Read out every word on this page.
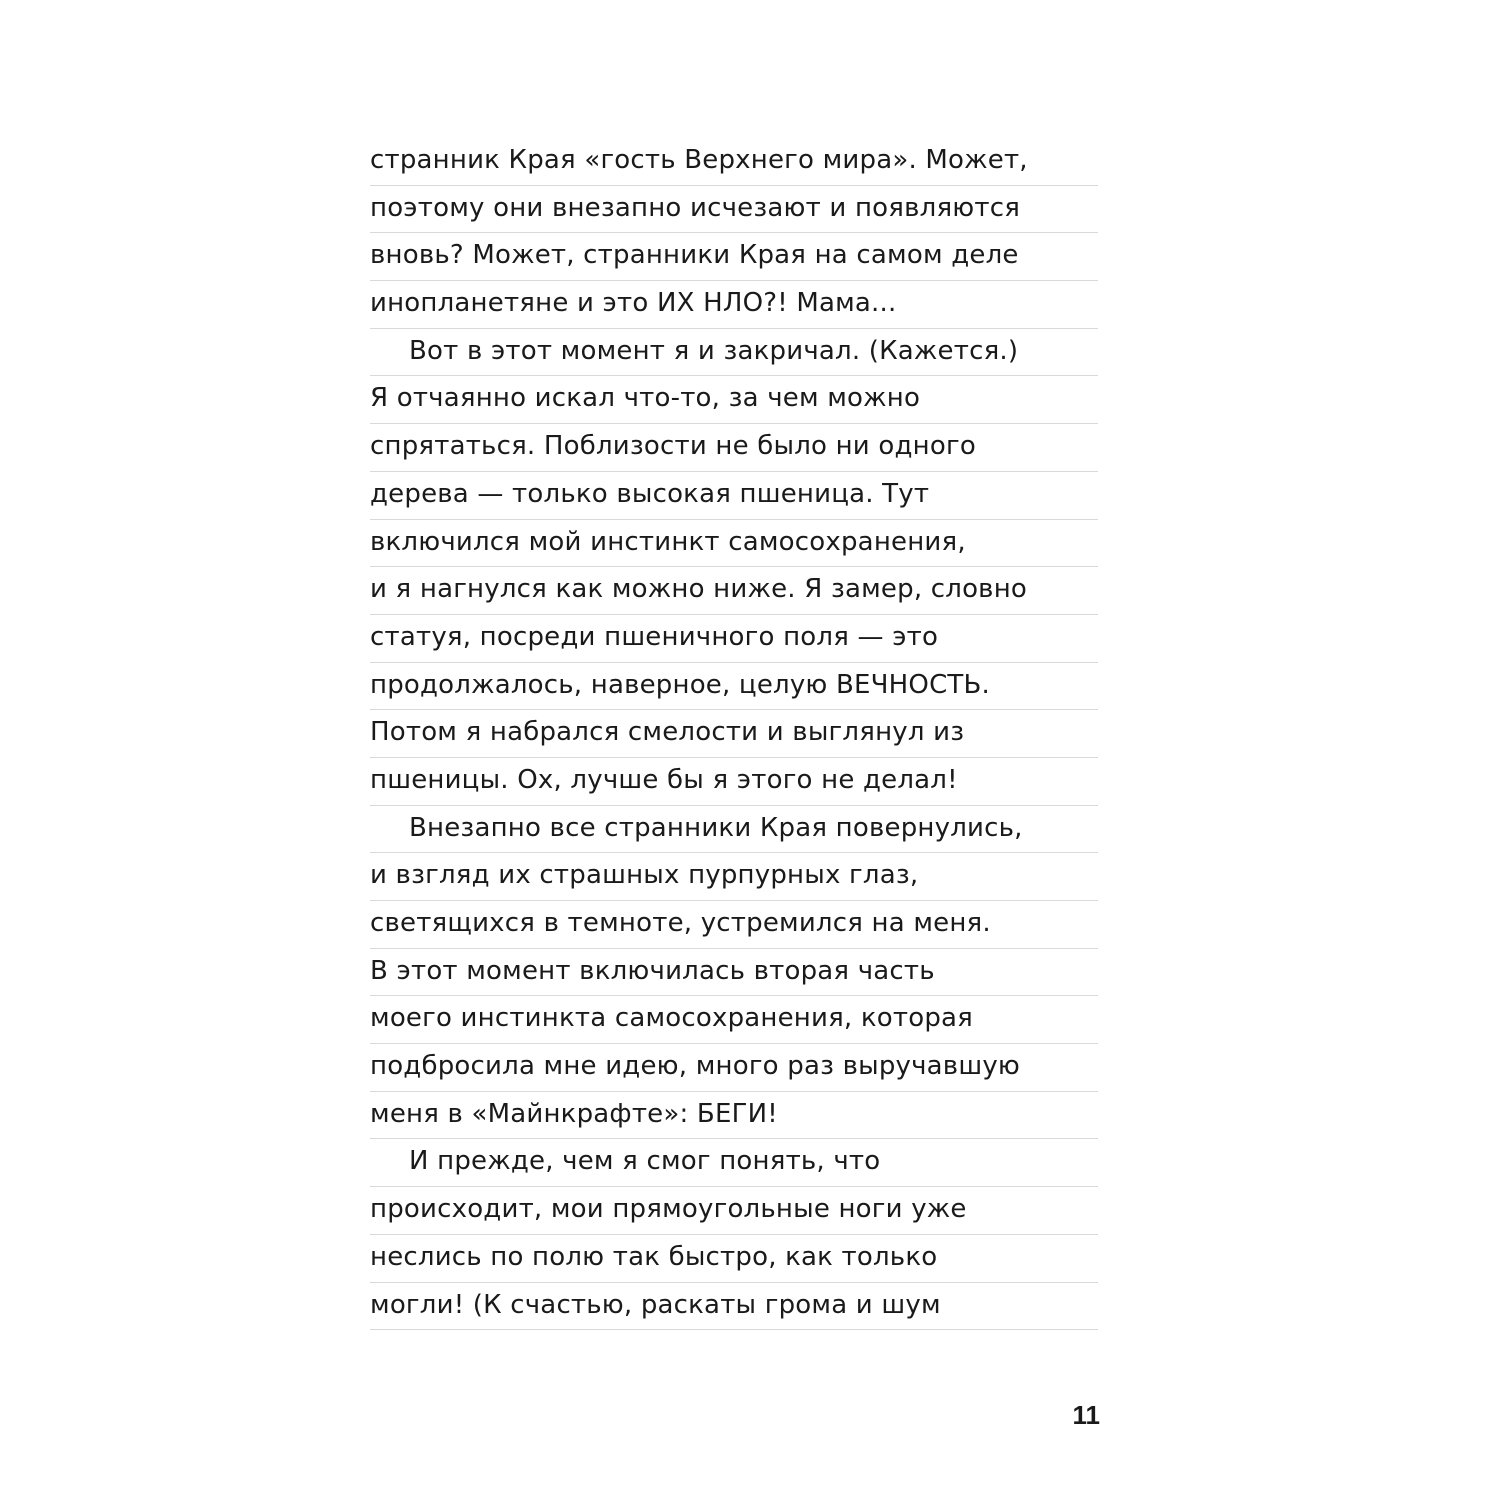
странник Края «гость Верхнего мира». Может,
поэтому они внезапно исчезают и появляются
вновь? Может, странники Края на самом деле
инопланетяне и это ИХ НЛО?! Мама...
Вот в этот момент я и закричал. (Кажется.)
Я отчаянно искал что-то, за чем можно
спрятаться. Поблизости не было ни одного
дерева — только высокая пшеница. Тут
включился мой инстинкт самосохранения,
и я нагнулся как можно ниже. Я замер, словно
статуя, посреди пшеничного поля — это
продолжалось, наверное, целую ВЕЧНОСТЬ.
Потом я набрался смелости и выглянул из
пшеницы. Ох, лучше бы я этого не делал!
Внезапно все странники Края повернулись,
и взгляд их страшных пурпурных глаз,
светящихся в темноте, устремился на меня.
В этот момент включилась вторая часть
моего инстинкта самосохранения, которая
подбросила мне идею, много раз выручавшую
меня в «Майнкрафте»: БЕГИ!
И прежде, чем я смог понять, что
происходит, мои прямоугольные ноги уже
неслись по полю так быстро, как только
могли! (К счастью, раскаты грома и шум
11
